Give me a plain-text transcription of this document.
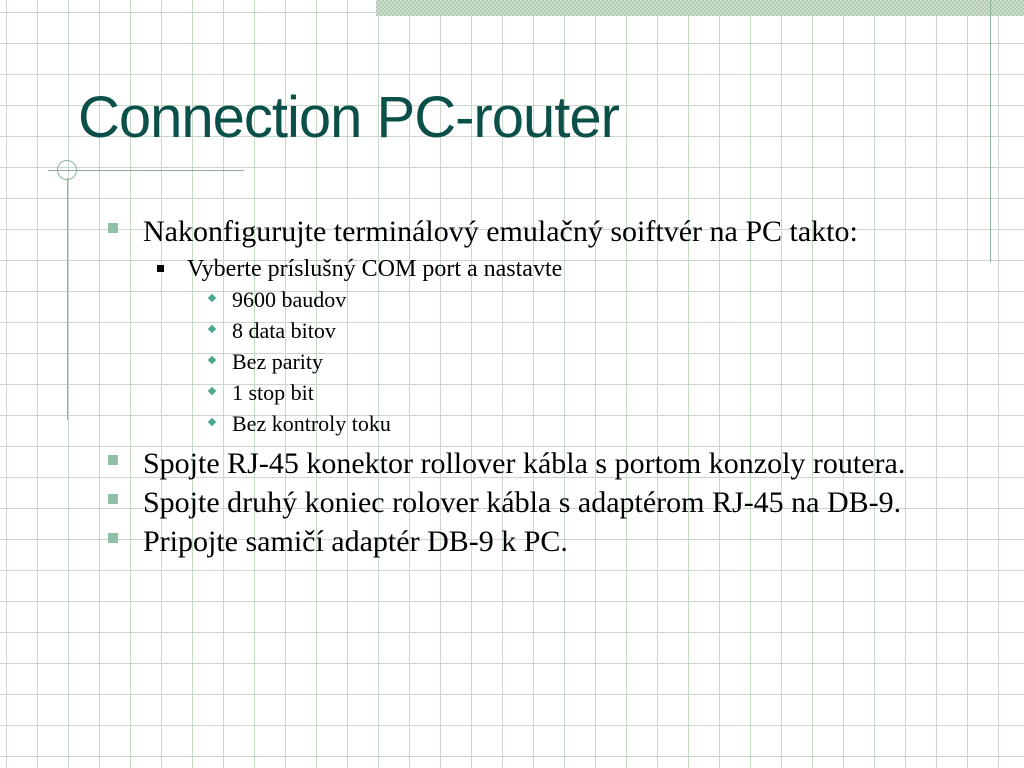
Connection PC-router
Nakonfigurujte terminálový emulačný soiftvér na PC takto:
Vyberte príslušný COM port a nastavte
9600 baudov
8 data bitov
Bez parity
1 stop bit
Bez kontroly toku
Spojte RJ-45 konektor rollover kábla s portom konzoly routera.
Spojte druhý koniec rolover kábla s adaptérom RJ-45 na DB-9.
Pripojte samičí adaptér DB-9 k PC.
